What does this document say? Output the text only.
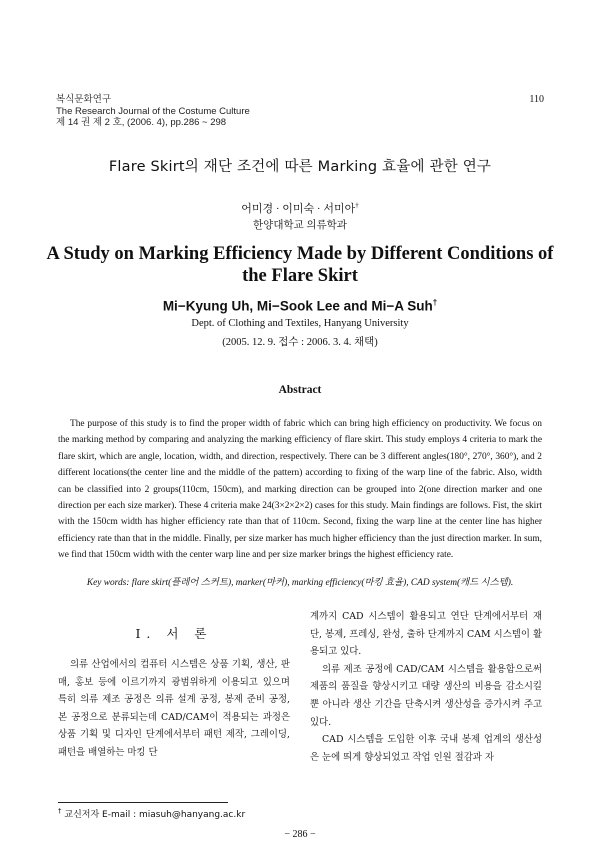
복식문화연구
The Research Journal of the Costume Culture
제 14 권 제 2 호, (2006. 4), pp.286 ~ 298
110
Flare Skirt의 재단 조건에 따른 Marking 효율에 관한 연구
어미경 · 이미숙 · 서미아†
한양대학교 의류학과
A Study on Marking Efficiency Made by Different Conditions of the Flare Skirt
Mi−Kyung Uh, Mi−Sook Lee and Mi−A Suh†
Dept. of Clothing and Textiles, Hanyang University
(2005. 12. 9. 접수 : 2006. 3. 4. 채택)
Abstract

The purpose of this study is to find the proper width of fabric which can bring high efficiency on productivity. We focus on the marking method by comparing and analyzing the marking efficiency of flare skirt. This study employs 4 criteria to mark the flare skirt, which are angle, location, width, and direction, respectively. There can be 3 different angles(180°, 270°, 360°), and 2 different locations(the center line and the middle of the pattern) according to fixing of the warp line of the fabric. Also, width can be classified into 2 groups(110cm, 150cm), and marking direction can be grouped into 2(one direction marker and one direction per each size marker). These 4 criteria make 24(3×2×2×2) cases for this study. Main findings are follows. Fist, the skirt with the 150cm width has higher efficiency rate than that of 110cm. Second, fixing the warp line at the center line has higher efficiency rate than that in the middle. Finally, per size marker has much higher efficiency than the just direction marker. In sum, we find that 150cm width with the center warp line and per size marker brings the highest efficiency rate.

Key words: flare skirt(플레어 스커트), marker(마커), marking efficiency(마킹 효율), CAD system(캐드 시스템).
Ⅰ. 서 론

의류 산업에서의 컴퓨터 시스템은 상품 기획, 생산, 판매, 홍보 등에 이르기까지 광범위하게 이용되고 있으며 특히 의류 제조 공정은 의류 설계 공정, 봉제 준비 공정, 본 공정으로 분류되는데 CAD/CAM이 적용되는 과정은 상품 기획 및 디자인 단계에서부터 패턴 제작, 그레이딩, 패턴을 배열하는 마킹 단

계까지 CAD 시스템이 활용되고 연단 단계에서부터 재단, 봉제, 프레싱, 완성, 출하 단계까지 CAM 시스템이 활용되고 있다.

의류 제조 공정에 CAD/CAM 시스템을 활용함으로써 제품의 품질을 향상시키고 대량 생산의 비용을 감소시킬 뿐 아니라 생산 기간을 단축시켜 생산성을 증가시켜 주고 있다.

CAD 시스템을 도입한 이후 국내 봉제 업계의 생산성은 눈에 띄게 향상되었고 작업 인원 절감과 자

† 교신저자 E-mail : miasuh@hanyang.ac.kr
− 286 −
